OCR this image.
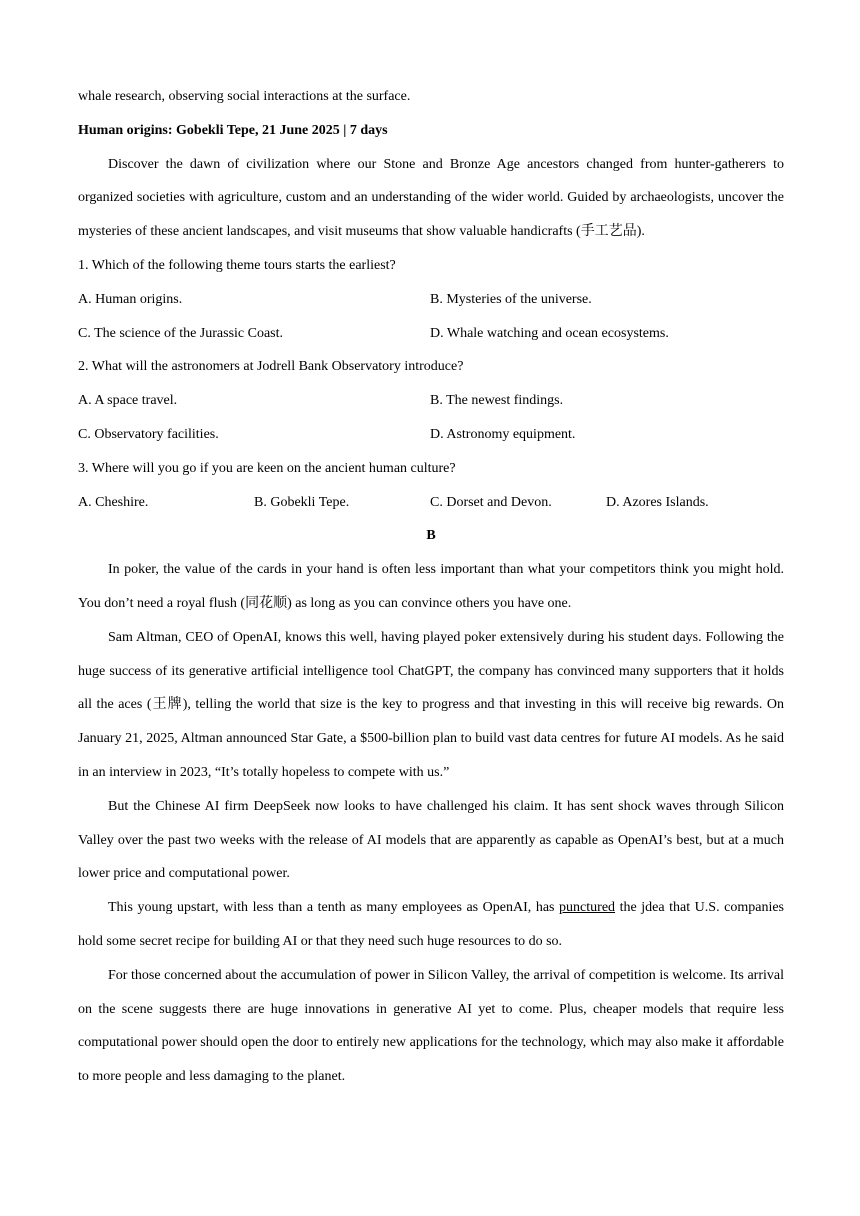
whale research, observing social interactions at the surface.

Human origins: Gobekli Tepe, 21 June 2025 | 7 days

Discover the dawn of civilization where our Stone and Bronze Age ancestors changed from hunter-gatherers to organized societies with agriculture, custom and an understanding of the wider world. Guided by archaeologists, uncover the mysteries of these ancient landscapes, and visit museums that show valuable handicrafts (手工艺品).

1. Which of the following theme tours starts the earliest?

A. Human origins.	B. Mysteries of the universe.
C. The science of the Jurassic Coast.	D. Whale watching and ocean ecosystems.

2. What will the astronomers at Jodrell Bank Observatory introduce?

A. A space travel.	B. The newest findings.
C. Observatory facilities.	D. Astronomy equipment.

3. Where will you go if you are keen on the ancient human culture?

A. Cheshire.	B. Gobekli Tepe.	C. Dorset and Devon.	D. Azores Islands.

B

In poker, the value of the cards in your hand is often less important than what your competitors think you might hold. You don’t need a royal flush (同花顺) as long as you can convince others you have one.

Sam Altman, CEO of OpenAI, knows this well, having played poker extensively during his student days. Following the huge success of its generative artificial intelligence tool ChatGPT, the company has convinced many supporters that it holds all the aces (王牌), telling the world that size is the key to progress and that investing in this will receive big rewards. On January 21, 2025, Altman announced Star Gate, a $500-billion plan to build vast data centres for future AI models. As he said in an interview in 2023, “It’s totally hopeless to compete with us.”

But the Chinese AI firm DeepSeek now looks to have challenged his claim. It has sent shock waves through Silicon Valley over the past two weeks with the release of AI models that are apparently as capable as OpenAI’s best, but at a much lower price and computational power.

This young upstart, with less than a tenth as many employees as OpenAI, has punctured the jdea that U.S. companies hold some secret recipe for building AI or that they need such huge resources to do so.

For those concerned about the accumulation of power in Silicon Valley, the arrival of competition is welcome. Its arrival on the scene suggests there are huge innovations in generative AI yet to come. Plus, cheaper models that require less computational power should open the door to entirely new applications for the technology, which may also make it affordable to more people and less damaging to the planet.
